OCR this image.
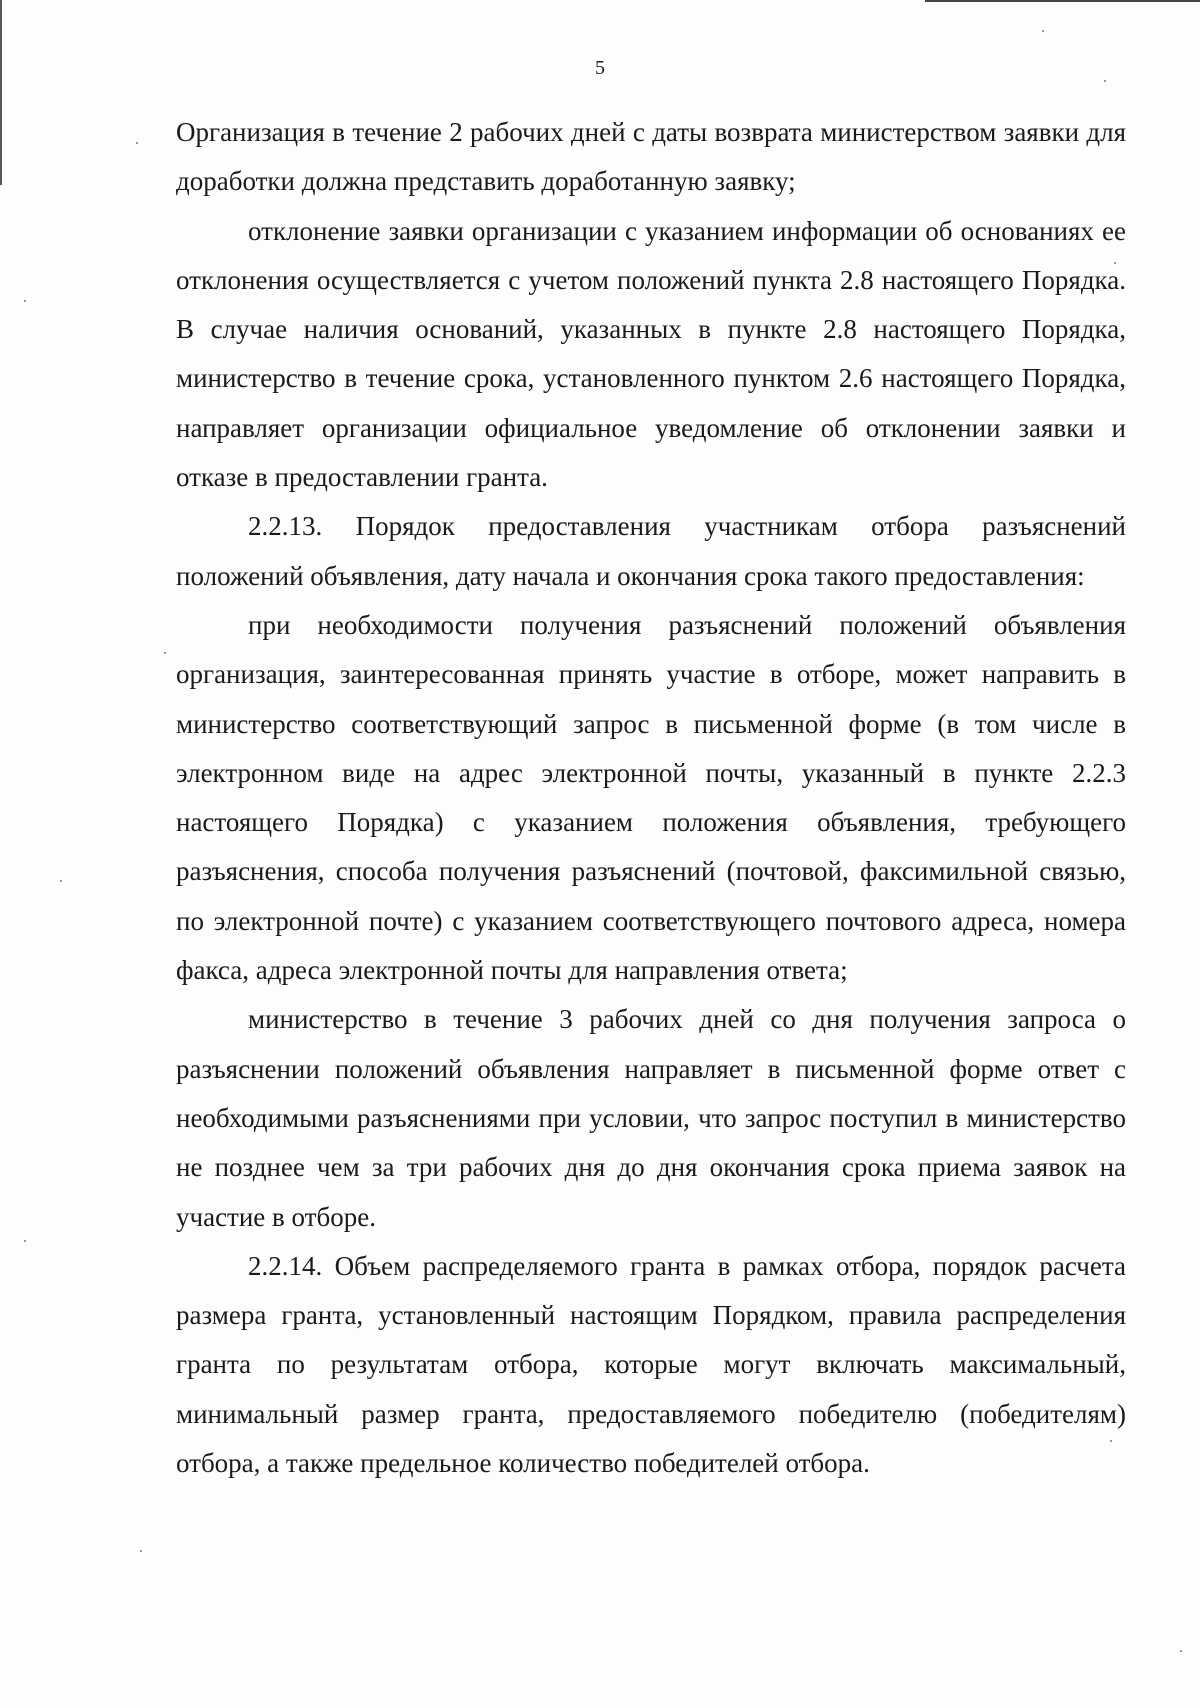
5

Организация в течение 2 рабочих дней с даты возврата министерством заявки для доработки должна представить доработанную заявку;

отклонение заявки организации с указанием информации об основаниях ее отклонения осуществляется с учетом положений пункта 2.8 настоящего Порядка. В случае наличия оснований, указанных в пункте 2.8 настоящего Порядка, министерство в течение срока, установленного пунктом 2.6 настоящего Порядка, направляет организации официальное уведомление об отклонении заявки и отказе в предоставлении гранта.

2.2.13. Порядок предоставления участникам отбора разъяснений положений объявления, дату начала и окончания срока такого предоставления:

при необходимости получения разъяснений положений объявления организация, заинтересованная принять участие в отборе, может направить в министерство соответствующий запрос в письменной форме (в том числе в электронном виде на адрес электронной почты, указанный в пункте 2.2.3 настоящего Порядка) с указанием положения объявления, требующего разъяснения, способа получения разъяснений (почтовой, факсимильной связью, по электронной почте) с указанием соответствующего почтового адреса, номера факса, адреса электронной почты для направления ответа;

министерство в течение 3 рабочих дней со дня получения запроса о разъяснении положений объявления направляет в письменной форме ответ с необходимыми разъяснениями при условии, что запрос поступил в министерство не позднее чем за три рабочих дня до дня окончания срока приема заявок на участие в отборе.

2.2.14. Объем распределяемого гранта в рамках отбора, порядок расчета размера гранта, установленный настоящим Порядком, правила распределения гранта по результатам отбора, которые могут включать максимальный, минимальный размер гранта, предоставляемого победителю (победителям) отбора, а также предельное количество победителей отбора.
